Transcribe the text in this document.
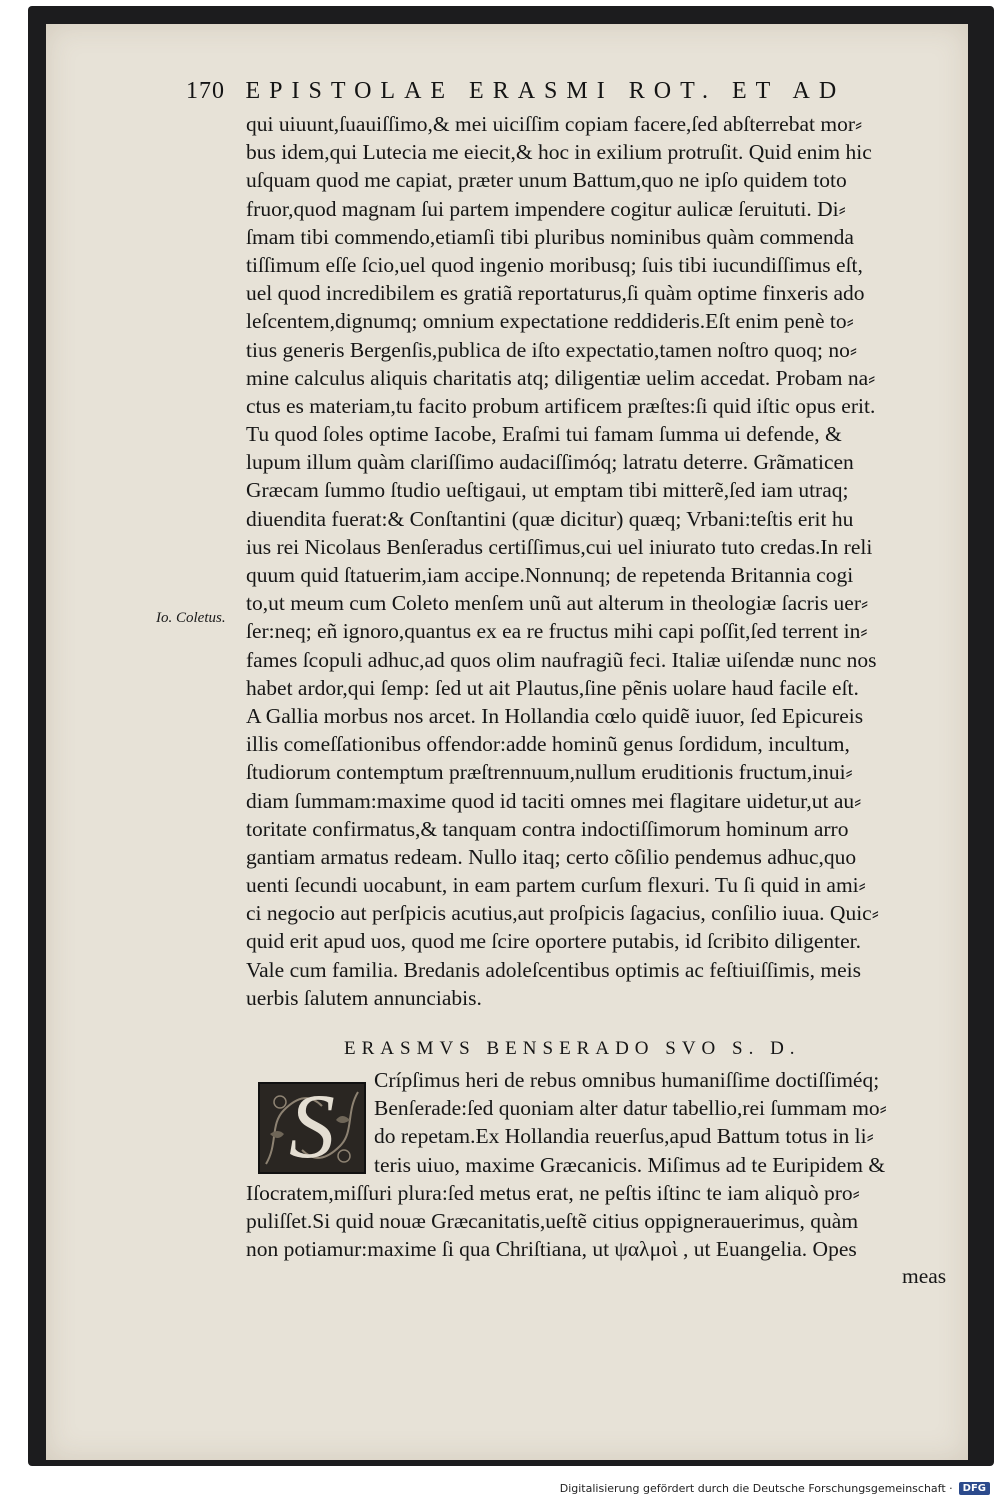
170 EPISTOLAE ERASMI ROT. ET AD
qui uiuunt,ſuauiſſimo,& mei uiciſſim copiam facere,ſed abſterrebat mor⸗
bus idem,qui Lutecia me eiecit,& hoc in exilium protruſit. Quid enim hic
uſquam quod me capiat, præter unum Battum,quo ne ipſo quidem toto
fruor,quod magnam ſui partem impendere cogitur aulicæ ſeruituti. Di⸗
ſmam tibi commendo,etiamſi tibi pluribus nominibus quàm commenda
tiſſimum eſſe ſcio,uel quod ingenio moribusq; ſuis tibi iucundiſſimus eſt,
uel quod incredibilem es gratiã reportaturus,ſi quàm optime finxeris ado
leſcentem,dignumq; omnium expectatione reddideris.Eſt enim penè to⸗
tius generis Bergenſis,publica de iſto expectatio,tamen noſtro quoq; no⸗
mine calculus aliquis charitatis atq; diligentiæ uelim accedat. Probam na⸗
ctus es materiam,tu facito probum artificem præſtes:ſi quid iſtic opus erit.
Tu quod ſoles optime Iacobe, Eraſmi tui famam ſumma ui defende, &
lupum illum quàm clariſſimo audaciſſimóq; latratu deterre. Grãmaticen
Græcam ſummo ſtudio ueſtigaui, ut emptam tibi mitterẽ,ſed iam utraq;
diuendita fuerat:& Conſtantini (quæ dicitur) quæq; Vrbani:teſtis erit hu
ius rei Nicolaus Benſeradus certiſſimus,cui uel iniurato tuto credas.In reli
quum quid ſtatuerim,iam accipe.Nonnunq; de repetenda Britannia cogi
to,ut meum cum Coleto menſem unũ aut alterum in theologiæ ſacris uer⸗
ſer:neq; eñ ignoro,quantus ex ea re fructus mihi capi poſſit,ſed terrent in⸗
fames ſcopuli adhuc,ad quos olim naufragiũ feci. Italiæ uiſendæ nunc nos
habet ardor,qui ſemp: ſed ut ait Plautus,ſine pẽnis uolare haud facile eſt.
A Gallia morbus nos arcet. In Hollandia cœlo quidẽ iuuor, ſed Epicureis
illis comeſſationibus offendor:adde hominũ genus ſordidum, incultum,
ſtudiorum contemptum præſtrennuum,nullum eruditionis fructum,inui⸗
diam ſummam:maxime quod id taciti omnes mei flagitare uidetur,ut au⸗
toritate confirmatus,& tanquam contra indoctiſſimorum hominum arro
gantiam armatus redeam. Nullo itaq; certo cõſilio pendemus adhuc,quo
uenti ſecundi uocabunt, in eam partem curſum flexuri. Tu ſi quid in ami⸗
ci negocio aut perſpicis acutius,aut proſpicis ſagacius, conſilio iuua. Quic⸗
quid erit apud uos, quod me ſcire oportere putabis, id ſcribito diligenter.
Vale cum familia. Bredanis adoleſcentibus optimis ac feſtiuiſſimis, meis
uerbis ſalutem annunciabis.
Io. Coletus.
ERASMVS BENSERADO SVO S. D.
S	Crípſimus heri de rebus omnibus humaniſſime doctiſſiméq;
Benſerade:ſed quoniam alter datur tabellio,rei ſummam mo⸗
do repetam.Ex Hollandia reuerſus,apud Battum totus in li⸗
teris uiuo, maxime Græcanicis. Miſimus ad te Euripidem &
Iſocratem,miſſuri plura:ſed metus erat, ne peſtis iſtinc te iam aliquò pro⸗
puliſſet.Si quid nouæ Græcanitatis,ueſtẽ citius oppignerauerimus, quàm
non potiamur:maxime ſi qua Chriſtiana, ut ψαλμοὶ , ut Euangelia. Opes
meas
Digitalisierung gefördert durch die Deutsche Forschungsgemeinschaft ·	DFG
